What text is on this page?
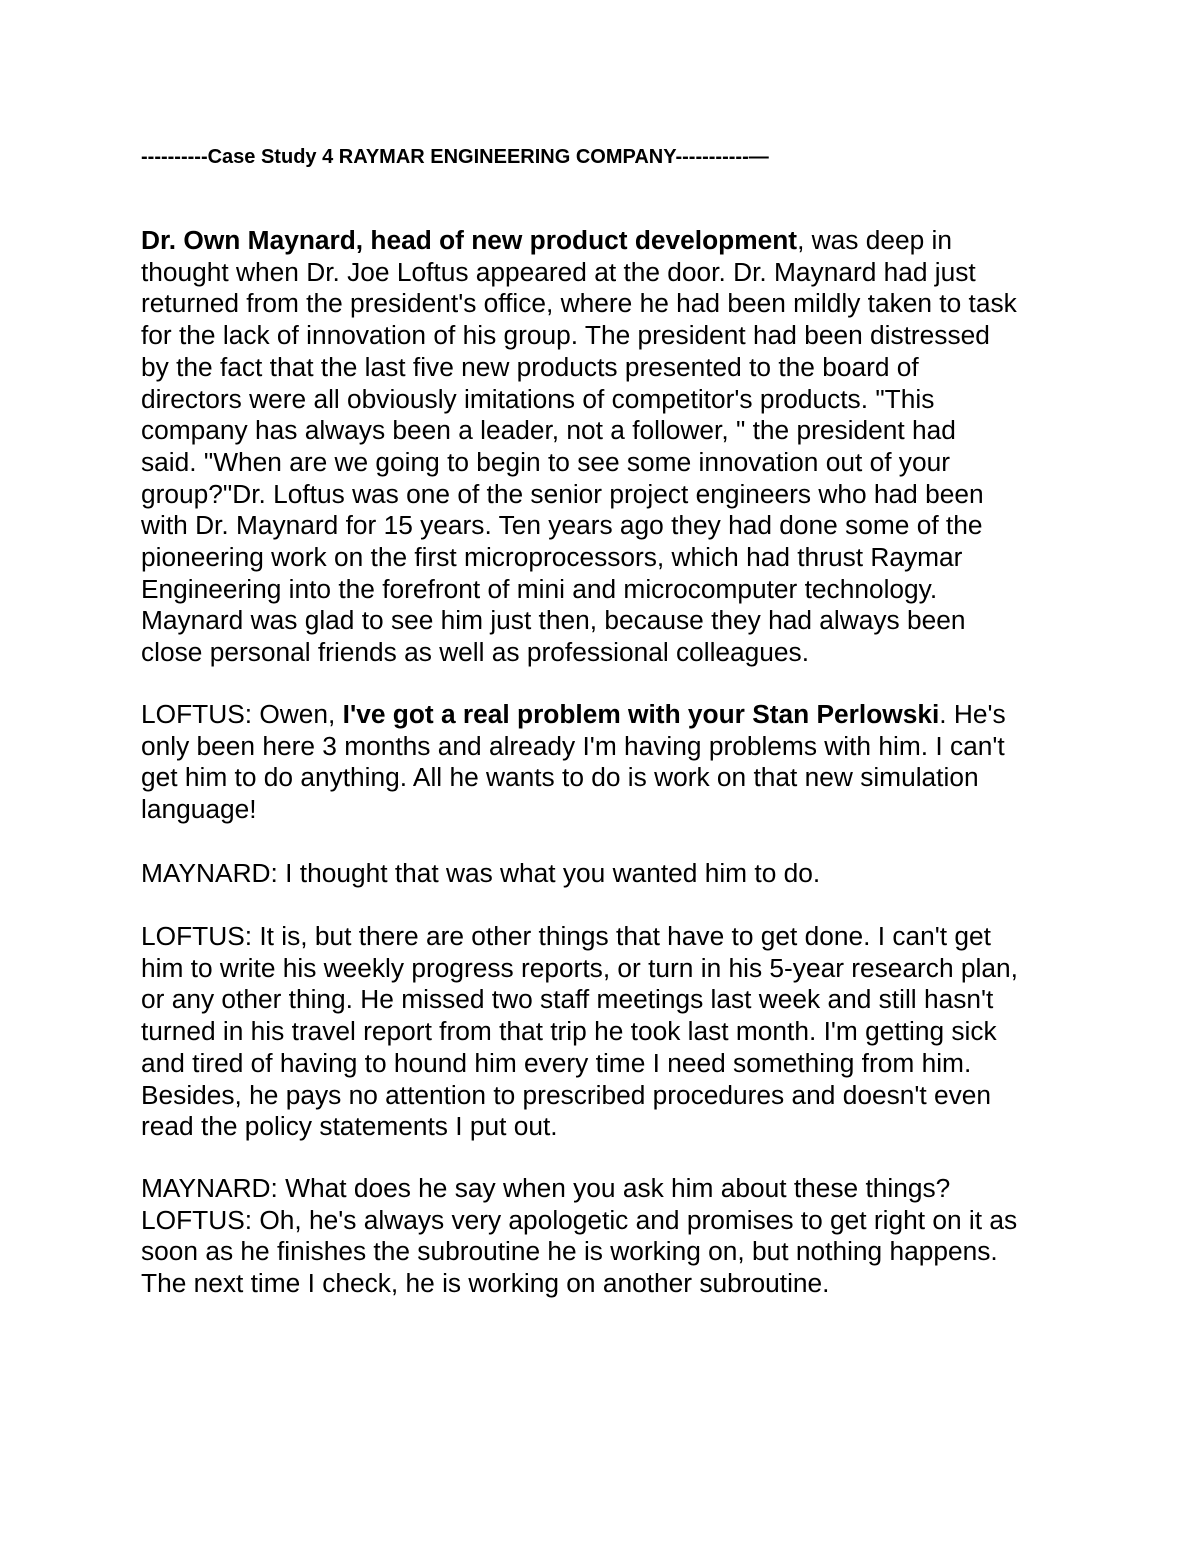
----------Case Study 4 RAYMAR ENGINEERING COMPANY-----------—

Dr. Own Maynard, head of new product development, was deep in
thought when Dr. Joe Loftus appeared at the door. Dr. Maynard had just
returned from the president's office, where he had been mildly taken to task
for the lack of innovation of his group. The president had been distressed
by the fact that the last five new products presented to the board of
directors were all obviously imitations of competitor's products. "This
company has always been a leader, not a follower, " the president had
said. "When are we going to begin to see some innovation out of your
group?"Dr. Loftus was one of the senior project engineers who had been
with Dr. Maynard for 15 years. Ten years ago they had done some of the
pioneering work on the first microprocessors, which had thrust Raymar
Engineering into the forefront of mini and microcomputer technology.
Maynard was glad to see him just then, because they had always been
close personal friends as well as professional colleagues.

LOFTUS: Owen, I've got a real problem with your Stan Perlowski. He's
only been here 3 months and already I'm having problems with him. I can't
get him to do anything. All he wants to do is work on that new simulation
language!

MAYNARD: I thought that was what you wanted him to do.

LOFTUS: It is, but there are other things that have to get done. I can't get
him to write his weekly progress reports, or turn in his 5-year research plan,
or any other thing. He missed two staff meetings last week and still hasn't
turned in his travel report from that trip he took last month. I'm getting sick
and tired of having to hound him every time I need something from him.
Besides, he pays no attention to prescribed procedures and doesn't even
read the policy statements I put out.

MAYNARD: What does he say when you ask him about these things?
LOFTUS: Oh, he's always very apologetic and promises to get right on it as
soon as he finishes the subroutine he is working on, but nothing happens.
The next time I check, he is working on another subroutine.
